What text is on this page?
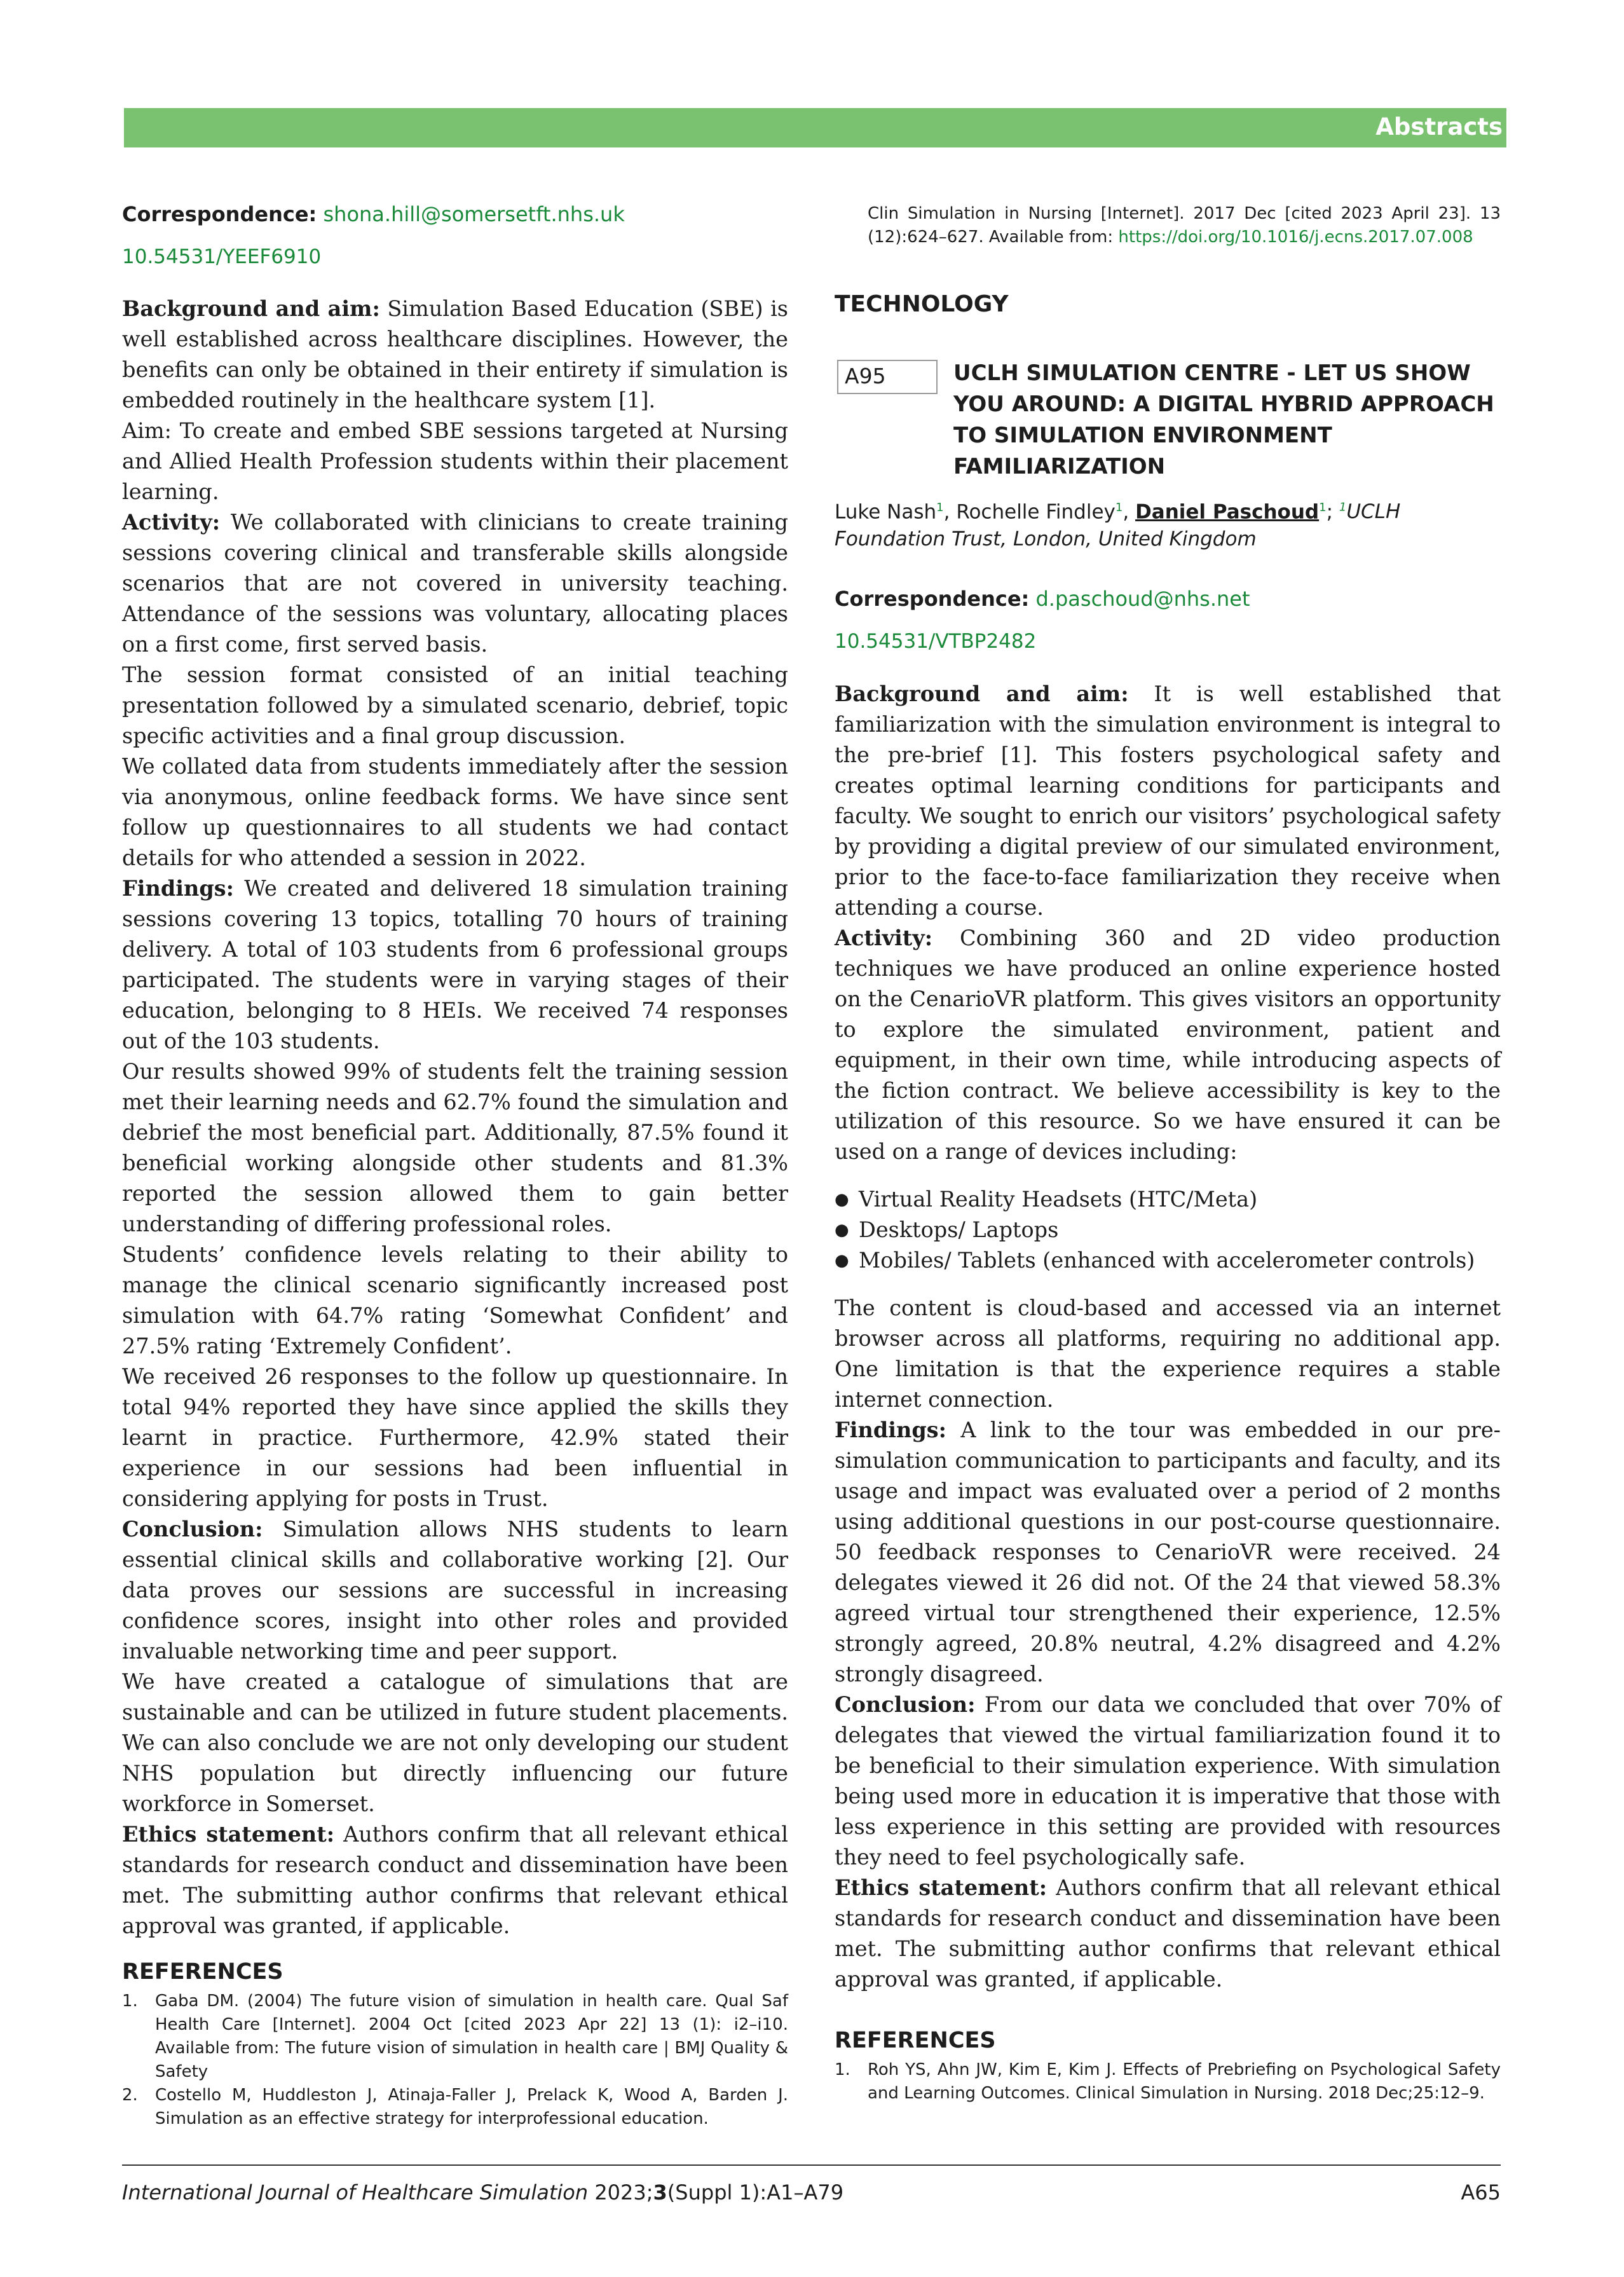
Abstracts
Correspondence: shona.hill@somersetft.nhs.uk
10.54531/YEEF6910

Background and aim: Simulation Based Education (SBE) is well established across healthcare disciplines. However, the benefits can only be obtained in their entirety if simulation is embedded routinely in the healthcare system [1].

Aim: To create and embed SBE sessions targeted at Nursing and Allied Health Profession students within their placement learning.

Activity: We collaborated with clinicians to create training sessions covering clinical and transferable skills alongside scenarios that are not covered in university teaching. Attendance of the sessions was voluntary, allocating places on a first come, first served basis.

The session format consisted of an initial teaching presentation followed by a simulated scenario, debrief, topic specific activities and a final group discussion.

We collated data from students immediately after the session via anonymous, online feedback forms. We have since sent follow up questionnaires to all students we had contact details for who attended a session in 2022.

Findings: We created and delivered 18 simulation training sessions covering 13 topics, totalling 70 hours of training delivery. A total of 103 students from 6 professional groups participated. The students were in varying stages of their education, belonging to 8 HEIs. We received 74 responses out of the 103 students.

Our results showed 99% of students felt the training session met their learning needs and 62.7% found the simulation and debrief the most beneficial part. Additionally, 87.5% found it beneficial working alongside other students and 81.3% reported the session allowed them to gain better understanding of differing professional roles.

Students’ confidence levels relating to their ability to manage the clinical scenario significantly increased post simulation with 64.7% rating ‘Somewhat Confident’ and 27.5% rating ‘Extremely Confident’.

We received 26 responses to the follow up questionnaire. In total 94% reported they have since applied the skills they learnt in practice. Furthermore, 42.9% stated their experience in our sessions had been influential in considering applying for posts in Trust.

Conclusion: Simulation allows NHS students to learn essential clinical skills and collaborative working [2]. Our data proves our sessions are successful in increasing confidence scores, insight into other roles and provided invaluable networking time and peer support.

We have created a catalogue of simulations that are sustainable and can be utilized in future student placements. We can also conclude we are not only developing our student NHS population but directly influencing our future workforce in Somerset.

Ethics statement: Authors confirm that all relevant ethical standards for research conduct and dissemination have been met. The submitting author confirms that relevant ethical approval was granted, if applicable.

REFERENCES
1. Gaba DM. (2004) The future vision of simulation in health care. Qual Saf Health Care [Internet]. 2004 Oct [cited 2023 Apr 22] 13 (1): i2–i10. Available from: The future vision of simulation in health care | BMJ Quality & Safety
2. Costello M, Huddleston J, Atinaja-Faller J, Prelack K, Wood A, Barden J. Simulation as an effective strategy for interprofessional education.
Clin Simulation in Nursing [Internet]. 2017 Dec [cited 2023 April 23]. 13 (12):624–627. Available from: https://doi.org/10.1016/j.ecns.2017.07.008
TECHNOLOGY
A95	UCLH SIMULATION CENTRE - LET US SHOW YOU AROUND: A DIGITAL HYBRID APPROACH TO SIMULATION ENVIRONMENT FAMILIARIZATION
Luke Nash$^1$, Rochelle Findley$^1$, Daniel Paschoud$^1$; $^1$UCLH Foundation Trust, London, United Kingdom
Correspondence: d.paschoud@nhs.net
10.54531/VTBP2482

Background and aim: It is well established that familiarization with the simulation environment is integral to the pre-brief [1]. This fosters psychological safety and creates optimal learning conditions for participants and faculty. We sought to enrich our visitors’ psychological safety by providing a digital preview of our simulated environment, prior to the face-to-face familiarization they receive when attending a course.

Activity: Combining 360 and 2D video production techniques we have produced an online experience hosted on the CenarioVR platform. This gives visitors an opportunity to explore the simulated environment, patient and equipment, in their own time, while introducing aspects of the fiction contract. We believe accessibility is key to the utilization of this resource. So we have ensured it can be used on a range of devices including:

● Virtual Reality Headsets (HTC/Meta)
● Desktops/ Laptops
● Mobiles/ Tablets (enhanced with accelerometer controls)

The content is cloud-based and accessed via an internet browser across all platforms, requiring no additional app. One limitation is that the experience requires a stable internet connection.

Findings: A link to the tour was embedded in our pre-simulation communication to participants and faculty, and its usage and impact was evaluated over a period of 2 months using additional questions in our post-course questionnaire. 50 feedback responses to CenarioVR were received. 24 delegates viewed it 26 did not. Of the 24 that viewed 58.3% agreed virtual tour strengthened their experience, 12.5% strongly agreed, 20.8% neutral, 4.2% disagreed and 4.2% strongly disagreed.

Conclusion: From our data we concluded that over 70% of delegates that viewed the virtual familiarization found it to be beneficial to their simulation experience. With simulation being used more in education it is imperative that those with less experience in this setting are provided with resources they need to feel psychologically safe.

Ethics statement: Authors confirm that all relevant ethical standards for research conduct and dissemination have been met. The submitting author confirms that relevant ethical approval was granted, if applicable.

REFERENCES
1. Roh YS, Ahn JW, Kim E, Kim J. Effects of Prebriefing on Psychological Safety and Learning Outcomes. Clinical Simulation in Nursing. 2018 Dec;25:12–9.
International Journal of Healthcare Simulation 2023;3(Suppl 1):A1–A79	A65
